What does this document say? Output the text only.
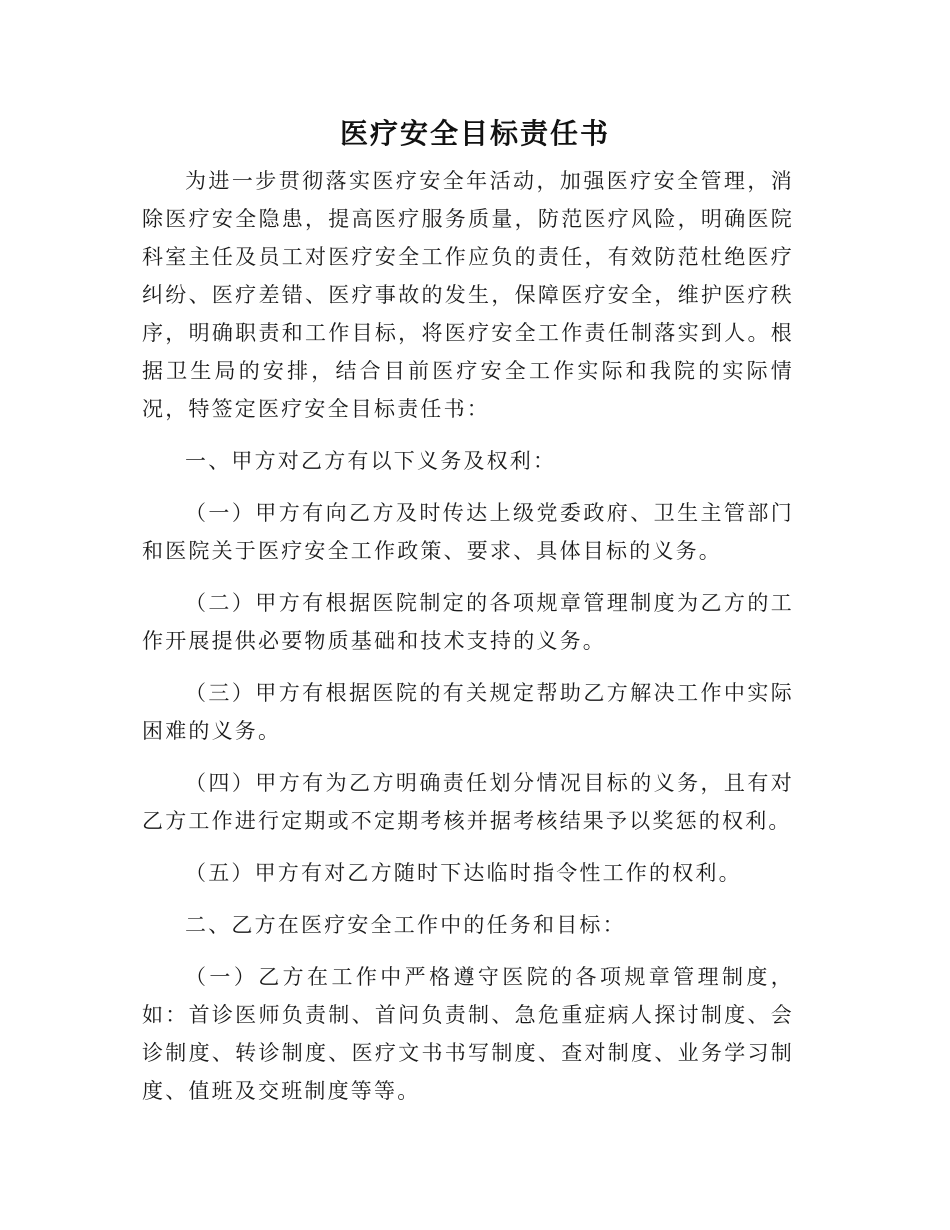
医疗安全目标责任书

为进一步贯彻落实医疗安全年活动，加强医疗安全管理，消除医疗安全隐患，提高医疗服务质量，防范医疗风险，明确医院科室主任及员工对医疗安全工作应负的责任，有效防范杜绝医疗纠纷、医疗差错、医疗事故的发生，保障医疗安全，维护医疗秩序，明确职责和工作目标，将医疗安全工作责任制落实到人。根据卫生局的安排，结合目前医疗安全工作实际和我院的实际情况，特签定医疗安全目标责任书：

一、甲方对乙方有以下义务及权利：

（一）甲方有向乙方及时传达上级党委政府、卫生主管部门和医院关于医疗安全工作政策、要求、具体目标的义务。

（二）甲方有根据医院制定的各项规章管理制度为乙方的工作开展提供必要物质基础和技术支持的义务。

（三）甲方有根据医院的有关规定帮助乙方解决工作中实际困难的义务。

（四）甲方有为乙方明确责任划分情况目标的义务，且有对乙方工作进行定期或不定期考核并据考核结果予以奖惩的权利。

（五）甲方有对乙方随时下达临时指令性工作的权利。

二、乙方在医疗安全工作中的任务和目标：

（一）乙方在工作中严格遵守医院的各项规章管理制度，如：首诊医师负责制、首问负责制、急危重症病人探讨制度、会诊制度、转诊制度、医疗文书书写制度、查对制度、业务学习制度、值班及交班制度等等。
